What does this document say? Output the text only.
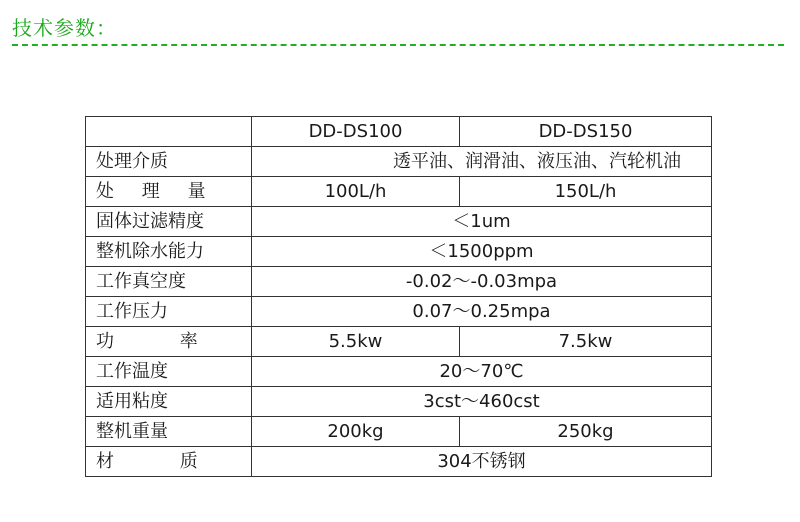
技术参数：
	DD-DS100	DD-DS150
处理介质	透平油、润滑油、液压油、汽轮机油	
处 理 量	100L/h	150L/h
固体过滤精度	＜1um	
整机除水能力	＜1500ppm	
工作真空度	-0.02～-0.03mpa	
工作压力	0.07～0.25mpa	
功 率	5.5kw	7.5kw
工作温度	20～70℃	
适用粘度	3cst～460cst	
整机重量	200kg	250kg
材 质	304不锈钢	
